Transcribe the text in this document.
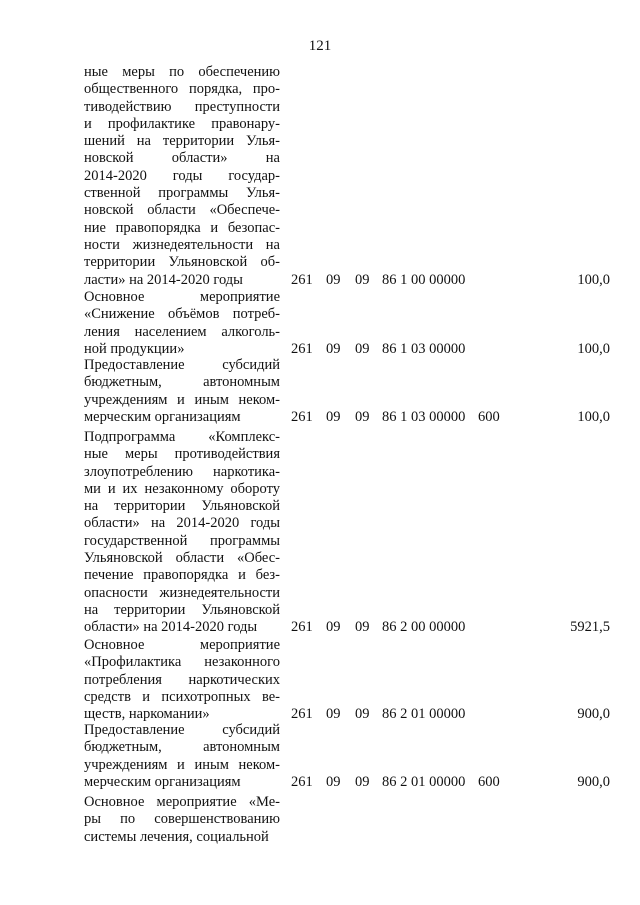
121
ные меры по обеспечению
общественного порядка, про-
тиводействию преступности
и профилактике правонару-
шений на территории Улья-
новской области» на
2014-2020 годы государ-
ственной программы Улья-
новской области «Обеспече-
ние правопорядка и безопас-
ности жизнедеятельности на
территории Ульяновской об-
ласти» на 2014-2020 годы	261 09 09 86 1 00 00000	100,0
Основное мероприятие
«Снижение объёмов потреб-
ления населением алкоголь-
ной продукции»	261 09 09 86 1 03 00000	100,0
Предоставление субсидий
бюджетным, автономным
учреждениям и иным неком-
мерческим организациям	261 09 09 86 1 03 00000 600	100,0
Подпрограмма «Комплекс-
ные меры противодействия
злоупотреблению наркотика-
ми и их незаконному обороту
на территории Ульяновской
области» на 2014-2020 годы
государственной программы
Ульяновской области «Обес-
печение правопорядка и без-
опасности жизнедеятельности
на территории Ульяновской
области» на 2014-2020 годы	261 09 09 86 2 00 00000	5921,5
Основное мероприятие
«Профилактика незаконного
потребления наркотических
средств и психотропных ве-
ществ, наркомании»	261 09 09 86 2 01 00000	900,0
Предоставление субсидий
бюджетным, автономным
учреждениям и иным неком-
мерческим организациям	261 09 09 86 2 01 00000 600	900,0
Основное мероприятие «Ме-
ры по совершенствованию
системы лечения, социальной
